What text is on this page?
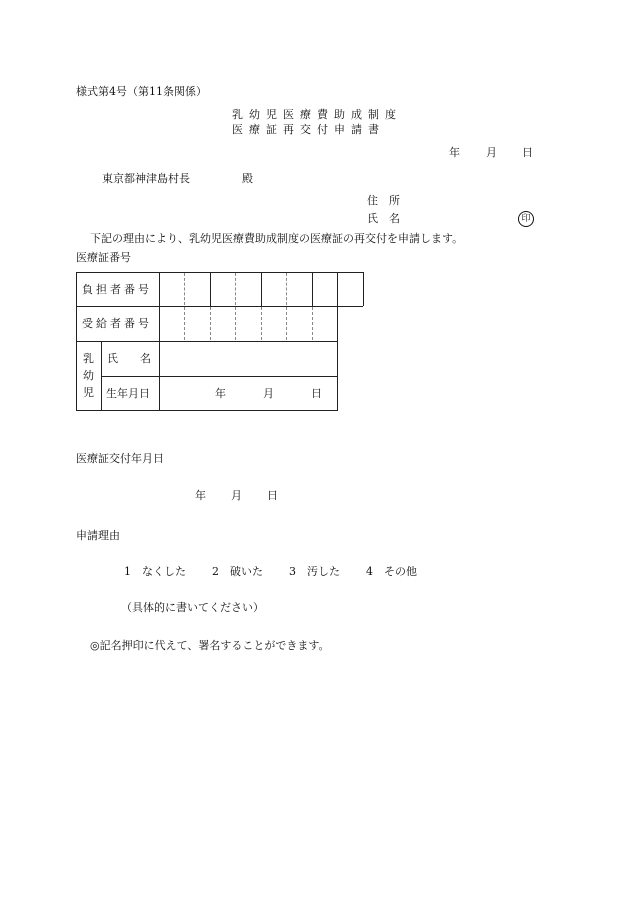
様式第4号（第11条関係）
乳幼児医療費助成制度
医療証再交付申請書
年 月 日
東京都神津島村長	殿
住　所
氏　名	印
下記の理由により、乳幼児医療費助成制度の医療証の再交付を申請します。
医療証番号
負担者番号
受給者番号
乳
幼
児
氏　　名
生年月日	年	月	日
医療証交付年月日
年 月 日
申請理由
1　なくした 2　破いた 3　汚した 4　その他
（具体的に書いてください）
◎記名押印に代えて、署名することができます。
